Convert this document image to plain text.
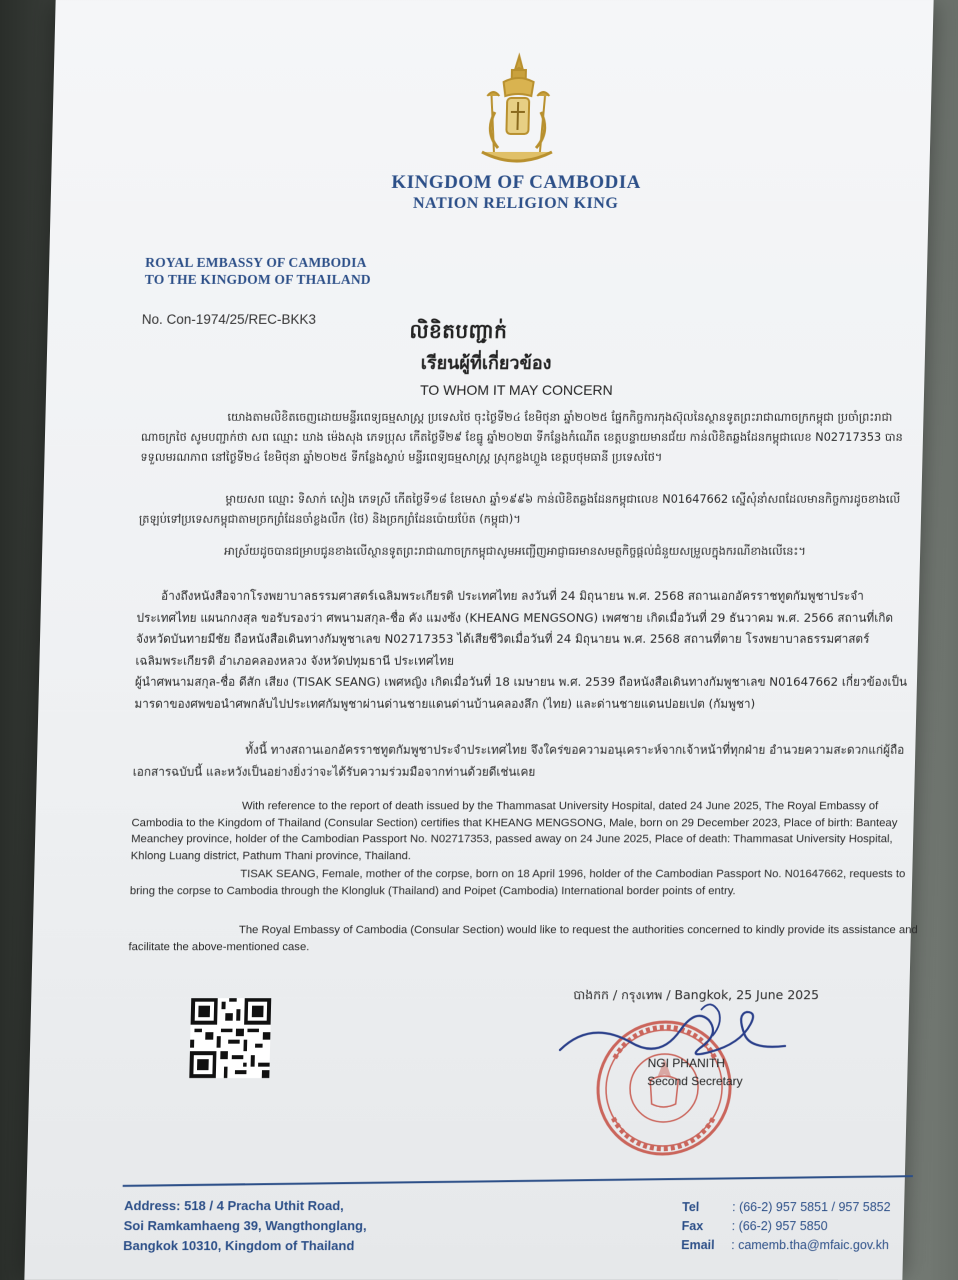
KINGDOM OF CAMBODIA
NATION RELIGION KING
ROYAL EMBASSY OF CAMBODIA
TO THE KINGDOM OF THAILAND
No. Con-1974/25/REC-BKK3	លិខិតបញ្ជាក់
เรียนผู้ที่เกี่ยวข้อง
TO WHOM IT MAY CONCERN
យោងតាមលិខិតចេញដោយមន្ទីរពេទ្យធម្មសាស្ត្រ ប្រទេសថៃ ចុះថ្ងៃទី២៤ ខែមិថុនា ឆ្នាំ២០២៥ ផ្នែកកិច្ចការកុងស៊ុលនៃស្ថានទូតព្រះរាជាណាចក្រកម្ពុជា ប្រចាំព្រះរាជាណាចក្រថៃ សូមបញ្ជាក់ថា សព ឈ្មោះ ឃាង ម៉េងសុង ភេទប្រុស កើតថ្ងៃទី២៩ ខែធ្នូ ឆ្នាំ២០២៣ ទីកន្លែងកំណើត ខេត្តបន្ទាយមានជ័យ កាន់លិខិតឆ្លងដែនកម្ពុជាលេខ N02717353 បានទទួលមរណភាព នៅថ្ងៃទី២៤ ខែមិថុនា ឆ្នាំ២០២៥ ទីកន្លែងស្លាប់ មន្ទីរពេទ្យធម្មសាស្ត្រ ស្រុកខ្លងហ្លួង ខេត្តបថុមធានី ប្រទេសថៃ។
ម្តាយសព ឈ្មោះ ទិសាក់ សៀង ភេទស្រី កើតថ្ងៃទី១៨ ខែមេសា ឆ្នាំ១៩៩៦ កាន់លិខិតឆ្លងដែនកម្ពុជាលេខ N01647662 ស្នើសុំនាំសពដែលមានកិច្ចការដូចខាងលើត្រឡប់ទៅប្រទេសកម្ពុជាតាមច្រកព្រំដែនចាំខ្លងលឹក (ថៃ) និងច្រកព្រំដែនប៉ោយប៉ែត (កម្ពុជា)។
អាស្រ័យដូចបានជម្រាបជូនខាងលើស្ថានទូតព្រះរាជាណាចក្រកម្ពុជាសូមអញ្ជើញអាជ្ញាធរមានសមត្ថកិច្ចផ្តល់ជំនួយសម្រួលក្នុងករណីខាងលើនេះ។
อ้างถึงหนังสือจากโรงพยาบาลธรรมศาสตร์เฉลิมพระเกียรติ ประเทศไทย ลงวันที่ 24 มิถุนายน พ.ศ. 2568 สถานเอกอัครราชทูตกัมพูชาประจำประเทศไทย แผนกกงสุล ขอรับรองว่า ศพนามสกุล-ชื่อ คัง แมงซ้ง (KHEANG MENGSONG) เพศชาย เกิดเมื่อวันที่ 29 ธันวาคม พ.ศ. 2566 สถานที่เกิด จังหวัดบันทายมีชัย ถือหนังสือเดินทางกัมพูชาเลข N02717353 ได้เสียชีวิตเมื่อวันที่ 24 มิถุนายน พ.ศ. 2568 สถานที่ตาย โรงพยาบาลธรรมศาสตร์เฉลิมพระเกียรติ อำเภอคลองหลวง จังหวัดปทุมธานี ประเทศไทย
ผู้นำศพนามสกุล-ชื่อ ดีสัก เสียง (TISAK SEANG) เพศหญิง เกิดเมื่อวันที่ 18 เมษายน พ.ศ. 2539 ถือหนังสือเดินทางกัมพูชาเลข N01647662 เกี่ยวข้องเป็นมารดาของศพขอนำศพกลับไปประเทศกัมพูชาผ่านด่านชายแดนด่านบ้านคลองลึก (ไทย) และด่านชายแดนปอยเปต (กัมพูชา)
ทั้งนี้ ทางสถานเอกอัครราชทูตกัมพูชาประจำประเทศไทย จึงใคร่ขอความอนุเคราะห์จากเจ้าหน้าที่ทุกฝ่าย อำนวยความสะดวกแก่ผู้ถือเอกสารฉบับนี้ และหวังเป็นอย่างยิ่งว่าจะได้รับความร่วมมือจากท่านด้วยดีเช่นเคย
With reference to the report of death issued by the Thammasat University Hospital, dated 24 June 2025, The Royal Embassy of Cambodia to the Kingdom of Thailand (Consular Section) certifies that KHEANG MENGSONG, Male, born on 29 December 2023, Place of birth: Banteay Meanchey province, holder of the Cambodian Passport No. N02717353, passed away on 24 June 2025, Place of death: Thammasat University Hospital, Khlong Luang district, Pathum Thani province, Thailand.
TISAK SEANG, Female, mother of the corpse, born on 18 April 1996, holder of the Cambodian Passport No. N01647662, requests to bring the corpse to Cambodia through the Klongluk (Thailand) and Poipet (Cambodia) International border points of entry.
The Royal Embassy of Cambodia (Consular Section) would like to request the authorities concerned to kindly provide its assistance and facilitate the above-mentioned case.
បាងកក / กรุงเทพ / Bangkok, 25 June 2025
NGI PHANITH
Second Secretary
Address: 518 / 4 Pracha Uthit Road,
Soi Ramkamhaeng 39, Wangthonglang,
Bangkok 10310, Kingdom of Thailand
Tel	: (66-2) 957 5851 / 957 5852
Fax : (66-2) 957 5850
Email : camemb.tha@mfaic.gov.kh
